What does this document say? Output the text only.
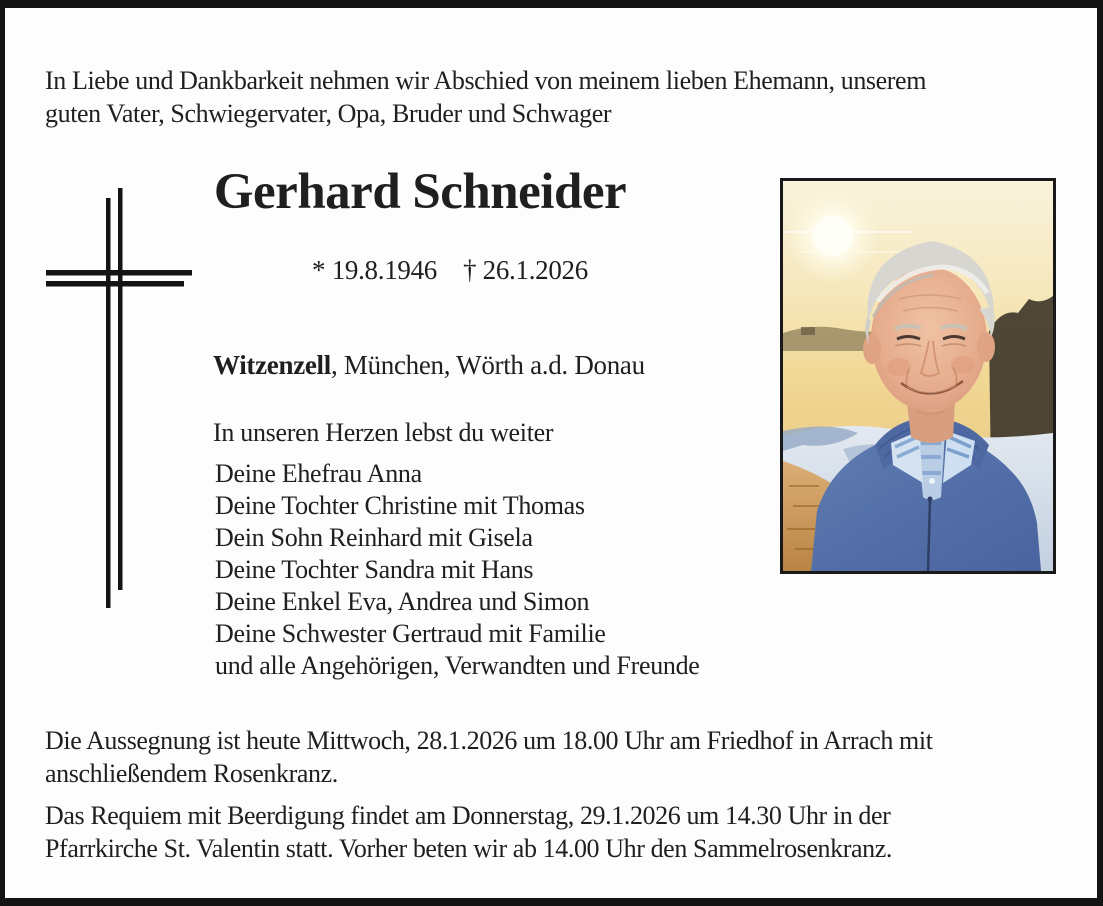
In Liebe und Dankbarkeit nehmen wir Abschied von meinem lieben Ehemann, unserem
guten Vater, Schwiegervater, Opa, Bruder und Schwager

Gerhard Schneider
* 19.8.1946 † 26.1.2026
Witzenzell, München, Wörth a.d. Donau
In unseren Herzen lebst du weiter
Deine Ehefrau Anna
Deine Tochter Christine mit Thomas
Dein Sohn Reinhard mit Gisela
Deine Tochter Sandra mit Hans
Deine Enkel Eva, Andrea und Simon
Deine Schwester Gertraud mit Familie
und alle Angehörigen, Verwandten und Freunde

Die Aussegnung ist heute Mittwoch, 28.1.2026 um 18.00 Uhr am Friedhof in Arrach mit
anschließendem Rosenkranz.

Das Requiem mit Beerdigung findet am Donnerstag, 29.1.2026 um 14.30 Uhr in der
Pfarrkirche St. Valentin statt. Vorher beten wir ab 14.00 Uhr den Sammelrosenkranz.
